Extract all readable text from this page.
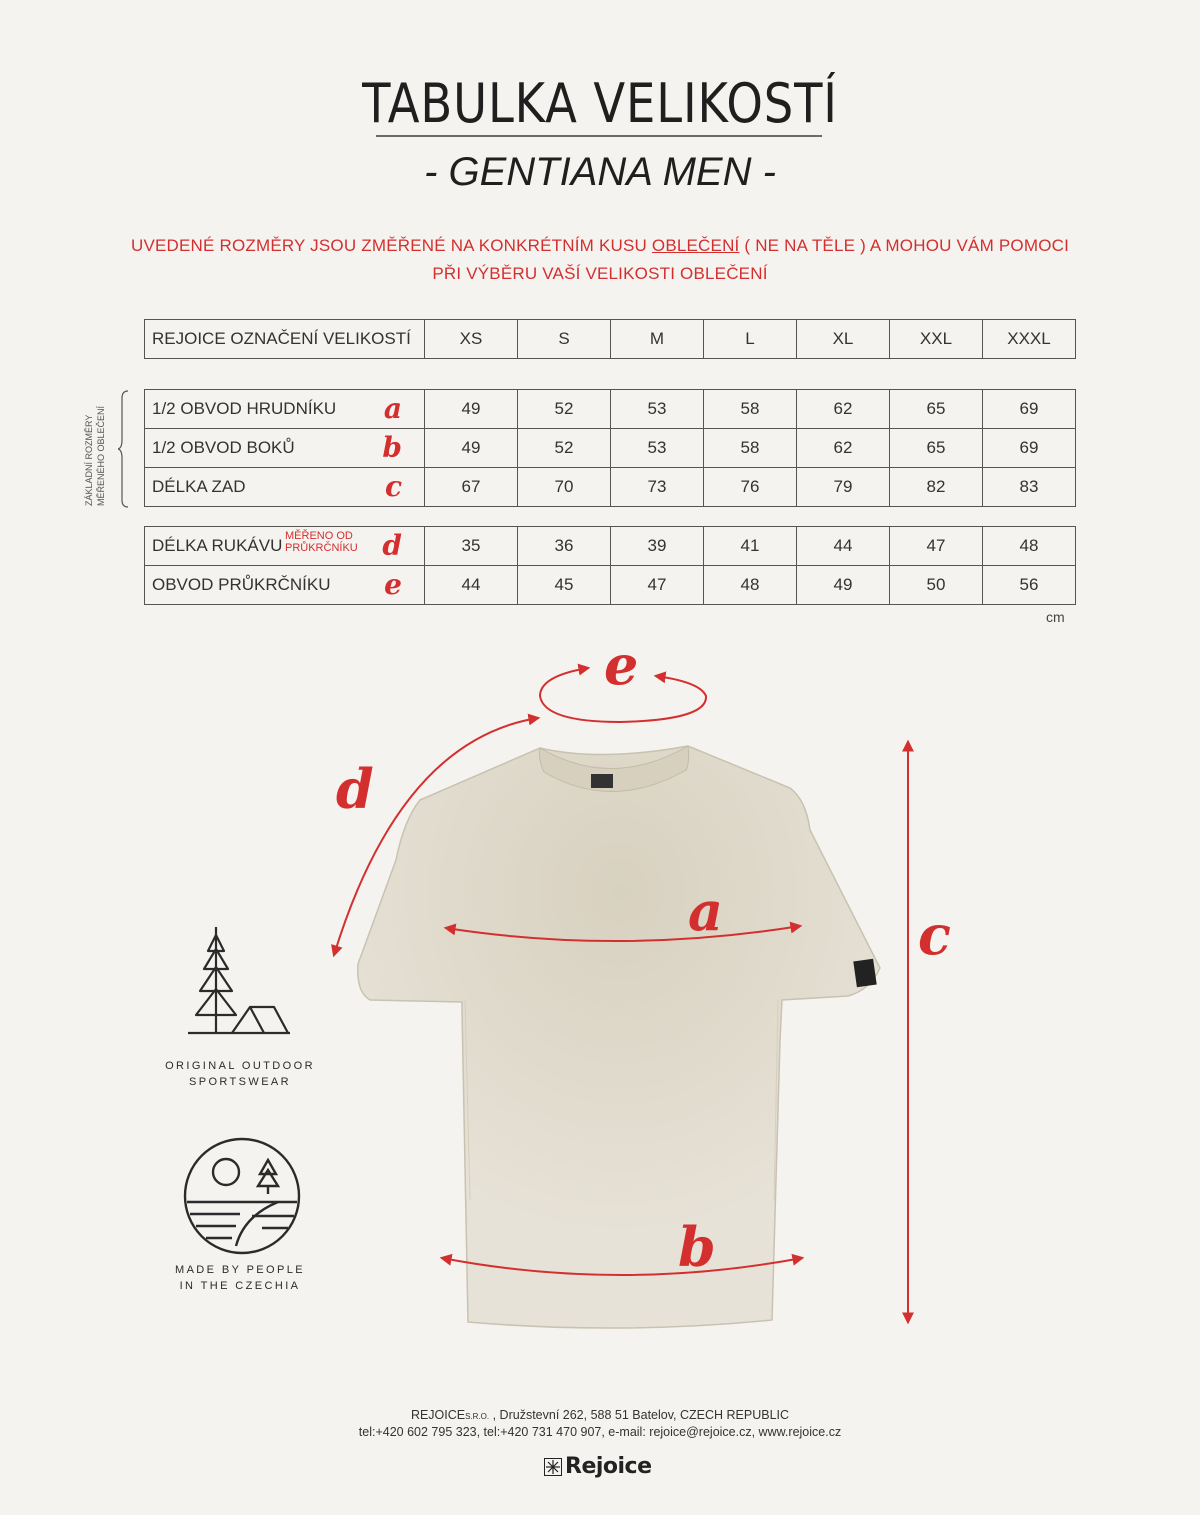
TABULKA VELIKOSTÍ
- GENTIANA MEN -
UVEDENÉ ROZMĚRY JSOU ZMĚŘENÉ NA KONKRÉTNÍM KUSU OBLEČENÍ ( NE NA TĚLE ) A MOHOU VÁM POMOCI
PŘI VÝBĚRU VAŠÍ VELIKOSTI OBLEČENÍ
REJOICE OZNAČENÍ VELIKOSTÍ	XS	S	M	L	XL	XXL	XXXL
ZÁKLADNÍ ROZMĚRY MĚŘENÉHO OBLEČENÍ	1/2 OBVOD HRUDNÍKU a	49	52	53	58	62	65	69
1/2 OBVOD BOKŮ b	49	52	53	58	62	65	69
DÉLKA ZAD c	67	70	73	76	79	82	83
DÉLKA RUKÁVU MĚŘENO OD
PRŮKRČNÍKU d	35	36	39	41	44	47	48
OBVOD PRŮKRČNÍKU e	44	45	47	48	49	50	56
cm
a
b
c
d
e
ORIGINAL OUTDOOR
SPORTSWEAR
MADE BY PEOPLE
IN THE CZECHIA
REJOICES.R.O. , Družstevní 262, 588 51 Batelov, CZECH REPUBLIC
tel:+420 602 795 323, tel:+420 731 470 907, e-mail: rejoice@rejoice.cz, www.rejoice.cz
Rejoice
